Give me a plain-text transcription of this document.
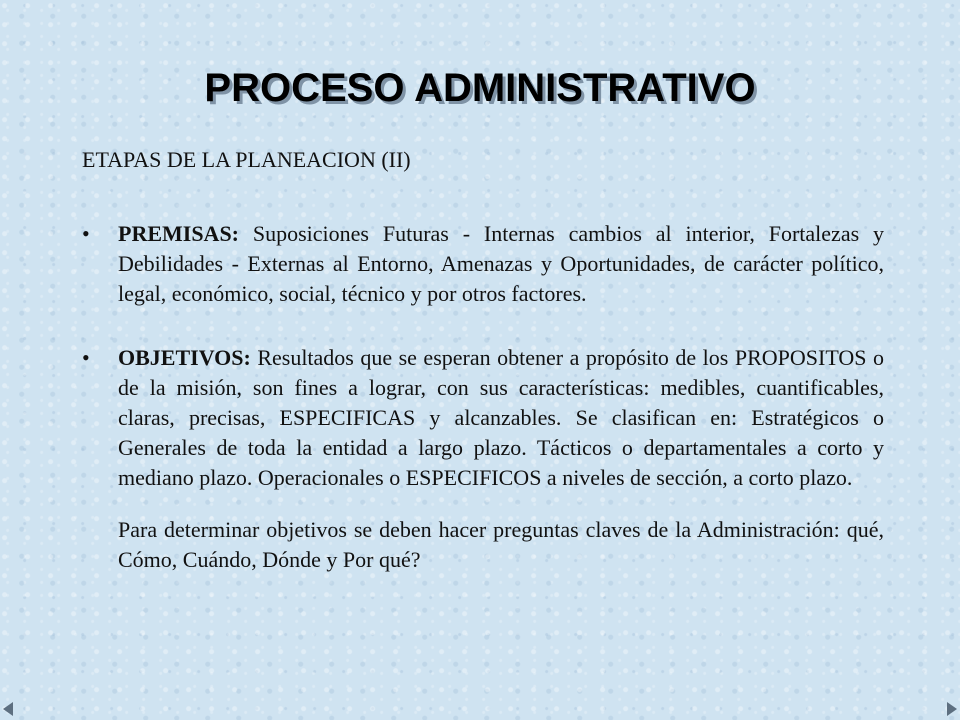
PROCESO ADMINISTRATIVO
ETAPAS DE LA PLANEACION (II)
• PREMISAS: Suposiciones Futuras - Internas cambios al interior, Fortalezas y Debilidades - Externas al Entorno, Amenazas y Oportunidades, de carácter político, legal, económico, social, técnico y por otros factores.
• OBJETIVOS: Resultados que se esperan obtener a propósito de los PROPOSITOS o de la misión, son fines a lograr, con sus características: medibles, cuantificables, claras, precisas, ESPECIFICAS y alcanzables. Se clasifican en: Estratégicos o Generales de toda la entidad a largo plazo. Tácticos o departamentales a corto y mediano plazo. Operacionales o ESPECIFICOS a niveles de sección, a corto plazo.
Para determinar objetivos se deben hacer preguntas claves de la Administración: qué, Cómo, Cuándo, Dónde y Por qué?
